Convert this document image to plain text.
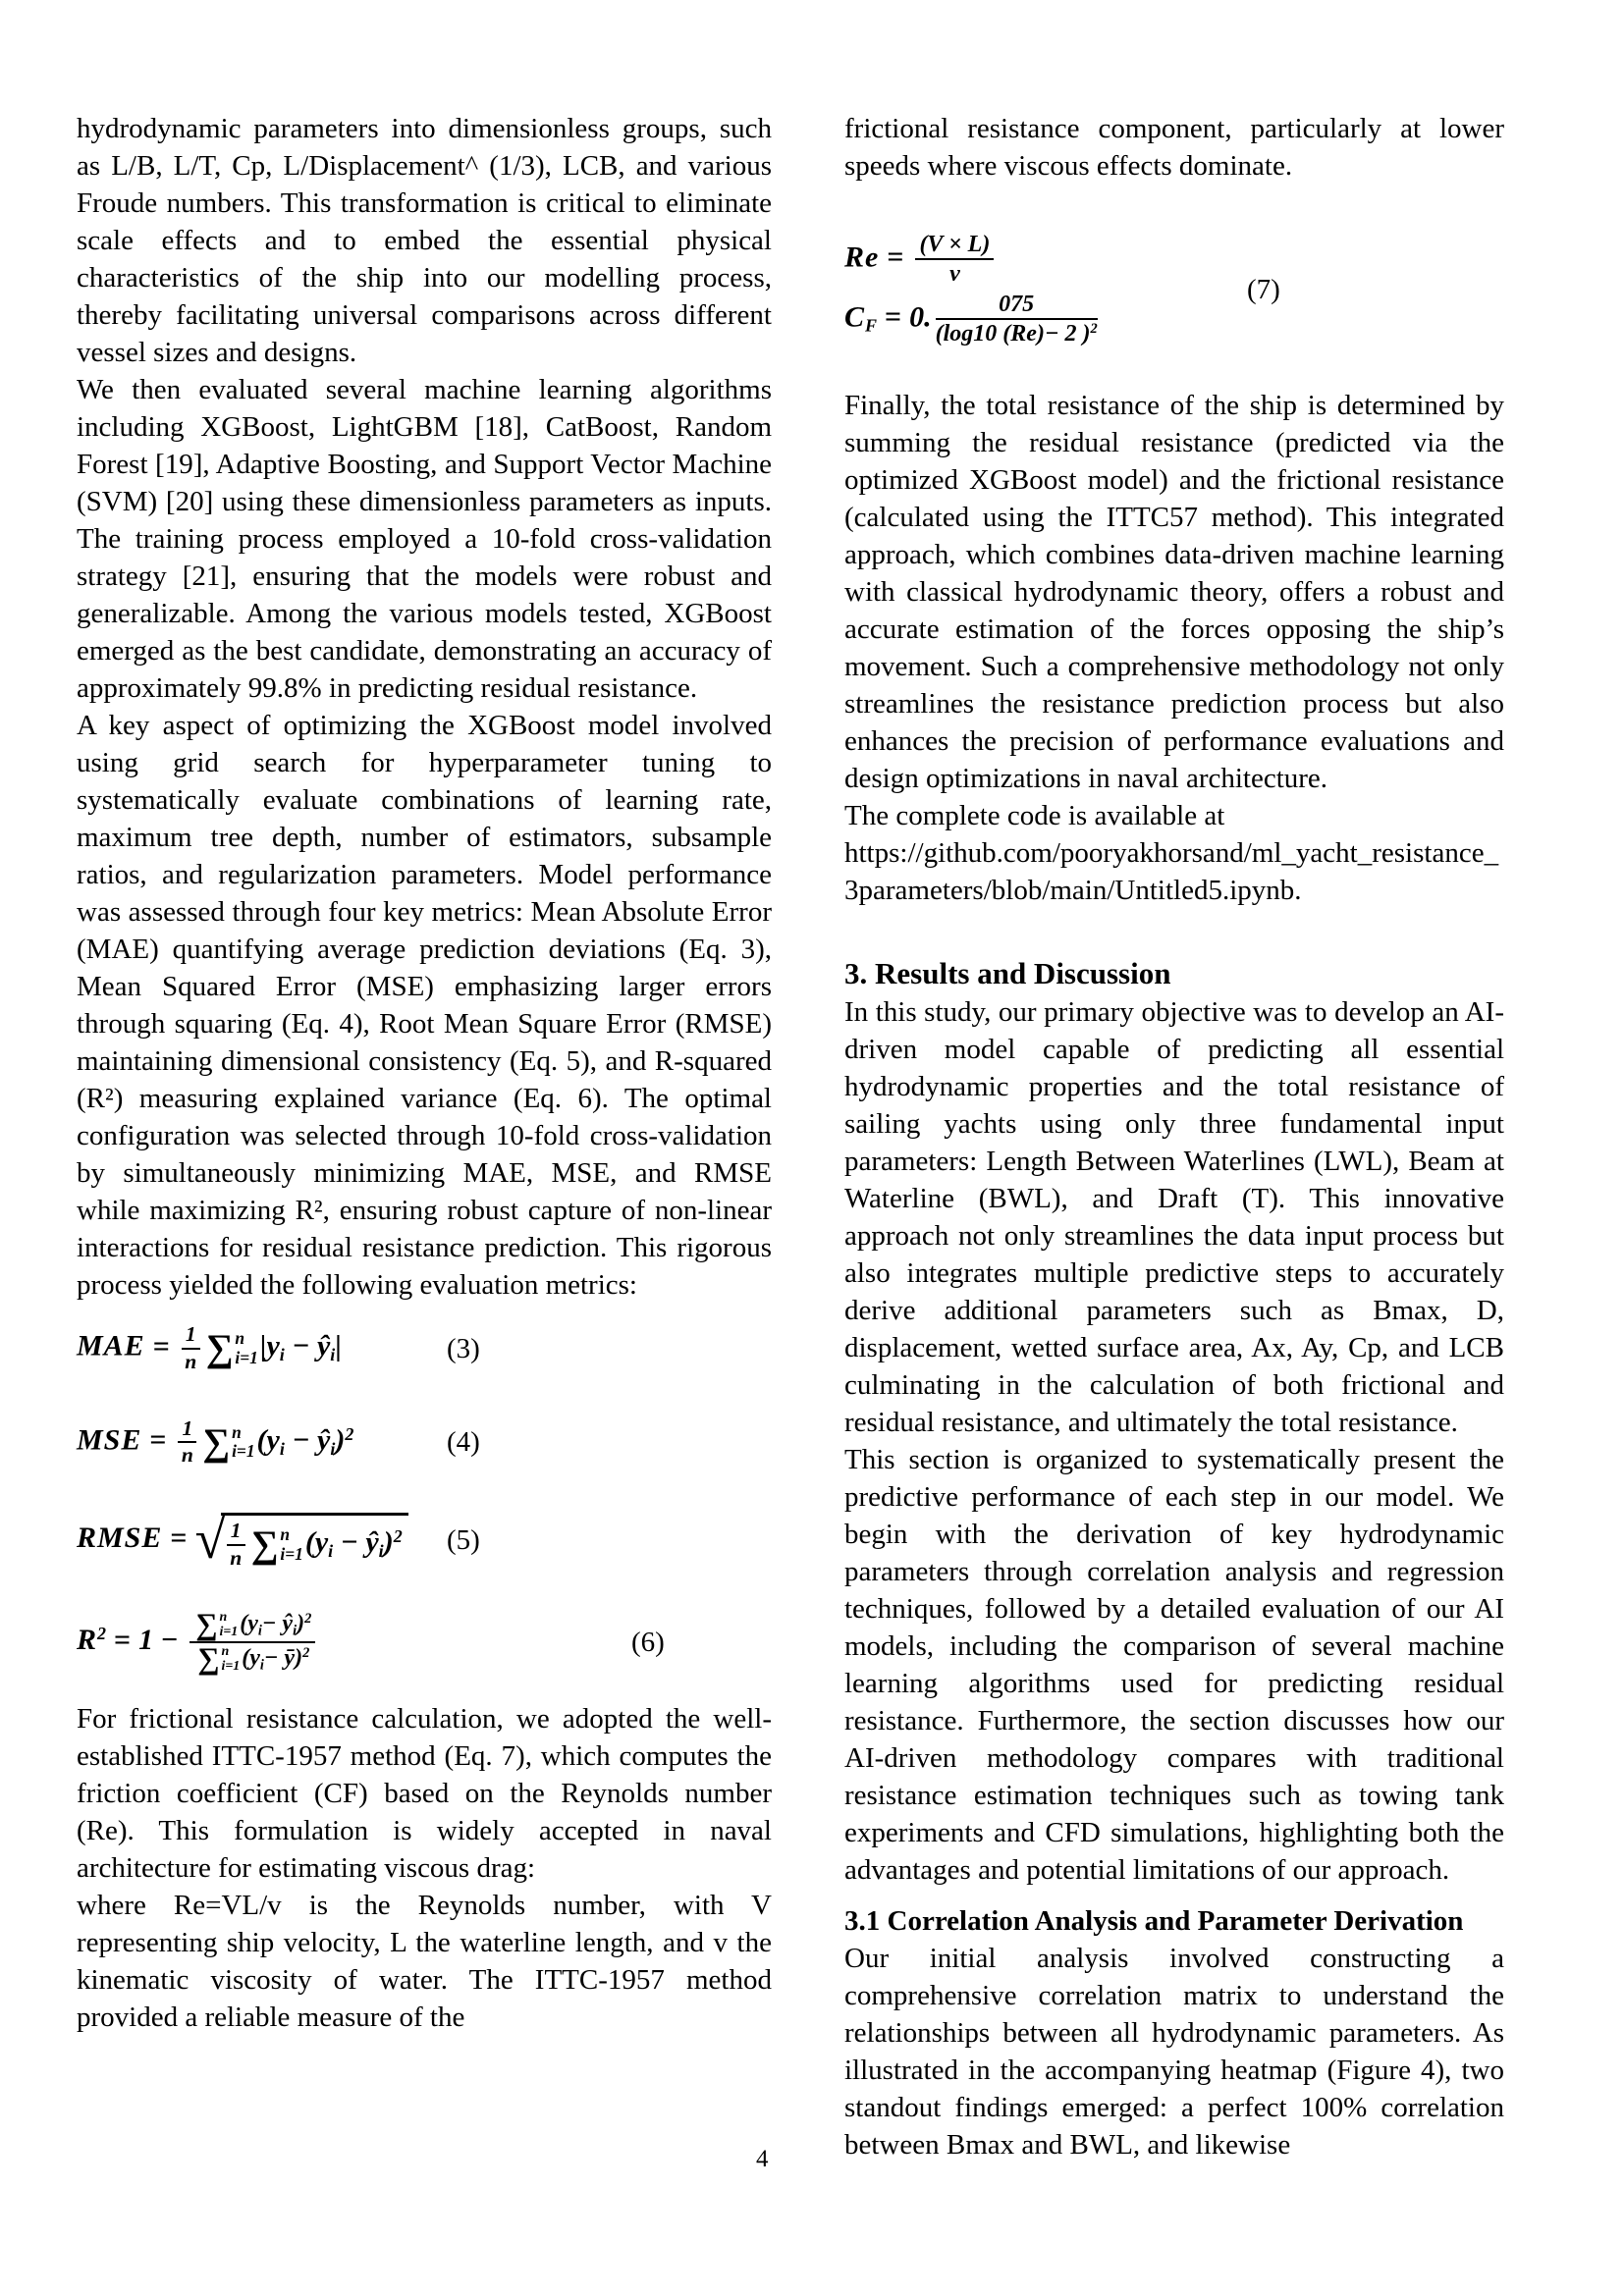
hydrodynamic parameters into dimensionless groups, such as L/B, L/T, Cp, L/Displacement^ (1/3), LCB, and various Froude numbers. This transformation is critical to eliminate scale effects and to embed the essential physical characteristics of the ship into our modelling process, thereby facilitating universal comparisons across different vessel sizes and designs.

We then evaluated several machine learning algorithms including XGBoost, LightGBM [18], CatBoost, Random Forest [19], Adaptive Boosting, and Support Vector Machine (SVM) [20] using these dimensionless parameters as inputs. The training process employed a 10-fold cross-validation strategy [21], ensuring that the models were robust and generalizable. Among the various models tested, XGBoost emerged as the best candidate, demonstrating an accuracy of approximately 99.8% in predicting residual resistance.

A key aspect of optimizing the XGBoost model involved using grid search for hyperparameter tuning to systematically evaluate combinations of learning rate, maximum tree depth, number of estimators, subsample ratios, and regularization parameters. Model performance was assessed through four key metrics: Mean Absolute Error (MAE) quantifying average prediction deviations (Eq. 3), Mean Squared Error (MSE) emphasizing larger errors through squaring (Eq. 4), Root Mean Square Error (RMSE) maintaining dimensional consistency (Eq. 5), and R-squared (R²) measuring explained variance (Eq. 6). The optimal configuration was selected through 10-fold cross-validation by simultaneously minimizing MAE, MSE, and RMSE while maximizing R², ensuring robust capture of non-linear interactions for residual resistance prediction. This rigorous process yielded the following evaluation metrics:

MAE = $\frac{1}{n}$ ∑ n
i=1 |yi − ŷi|	(3)
MSE = $\frac{1}{n}$ ∑ n
i=1 (yi − ŷi)$^2$	(4)
RMSE = √ $\frac{1}{n}$ ∑ n
i=1 (yi − ŷi)$^2$ (5)
$R^2 = 1$ − ∑ n
i=1 (yi− ŷi)$^2$
∑ n
i=1 (yi− ȳ)$^2$	(6)

For frictional resistance calculation, we adopted the well-established ITTC-1957 method (Eq. 7), which computes the friction coefficient (CF) based on the Reynolds number (Re). This formulation is widely accepted in naval architecture for estimating viscous drag:

where Re=VL/v is the Reynolds number, with V representing ship velocity, L the waterline length, and v the kinematic viscosity of water. The ITTC-1957 method provided a reliable measure of the

frictional resistance component, particularly at lower speeds where viscous effects dominate.

$Re = \frac{(V \times L)}{v}$
CF = 0. $\frac{075}{(\log 10 (Re)- 2 )^2}$
(7)

Finally, the total resistance of the ship is determined by summing the residual resistance (predicted via the optimized XGBoost model) and the frictional resistance (calculated using the ITTC57 method). This integrated approach, which combines data-driven machine learning with classical hydrodynamic theory, offers a robust and accurate estimation of the forces opposing the ship’s movement. Such a comprehensive methodology not only streamlines the resistance prediction process but also enhances the precision of performance evaluations and design optimizations in naval architecture.

The complete code is available at
https://github.com/pooryakhorsand/ml_yacht_resistance_3parameters/blob/main/Untitled5.ipynb.
3. Results and Discussion

In this study, our primary objective was to develop an AI-driven model capable of predicting all essential hydrodynamic properties and the total resistance of sailing yachts using only three fundamental input parameters: Length Between Waterlines (LWL), Beam at Waterline (BWL), and Draft (T). This innovative approach not only streamlines the data input process but also integrates multiple predictive steps to accurately derive additional parameters such as Bmax, D, displacement, wetted surface area, Ax, Ay, Cp, and LCB culminating in the calculation of both frictional and residual resistance, and ultimately the total resistance.

This section is organized to systematically present the predictive performance of each step in our model. We begin with the derivation of key hydrodynamic parameters through correlation analysis and regression techniques, followed by a detailed evaluation of our AI models, including the comparison of several machine learning algorithms used for predicting residual resistance. Furthermore, the section discusses how our AI-driven methodology compares with traditional resistance estimation techniques such as towing tank experiments and CFD simulations, highlighting both the advantages and potential limitations of our approach.

3.1 Correlation Analysis and Parameter Derivation

Our initial analysis involved constructing a comprehensive correlation matrix to understand the relationships between all hydrodynamic parameters. As illustrated in the accompanying heatmap (Figure 4), two standout findings emerged: a perfect 100% correlation between Bmax and BWL, and likewise

4
